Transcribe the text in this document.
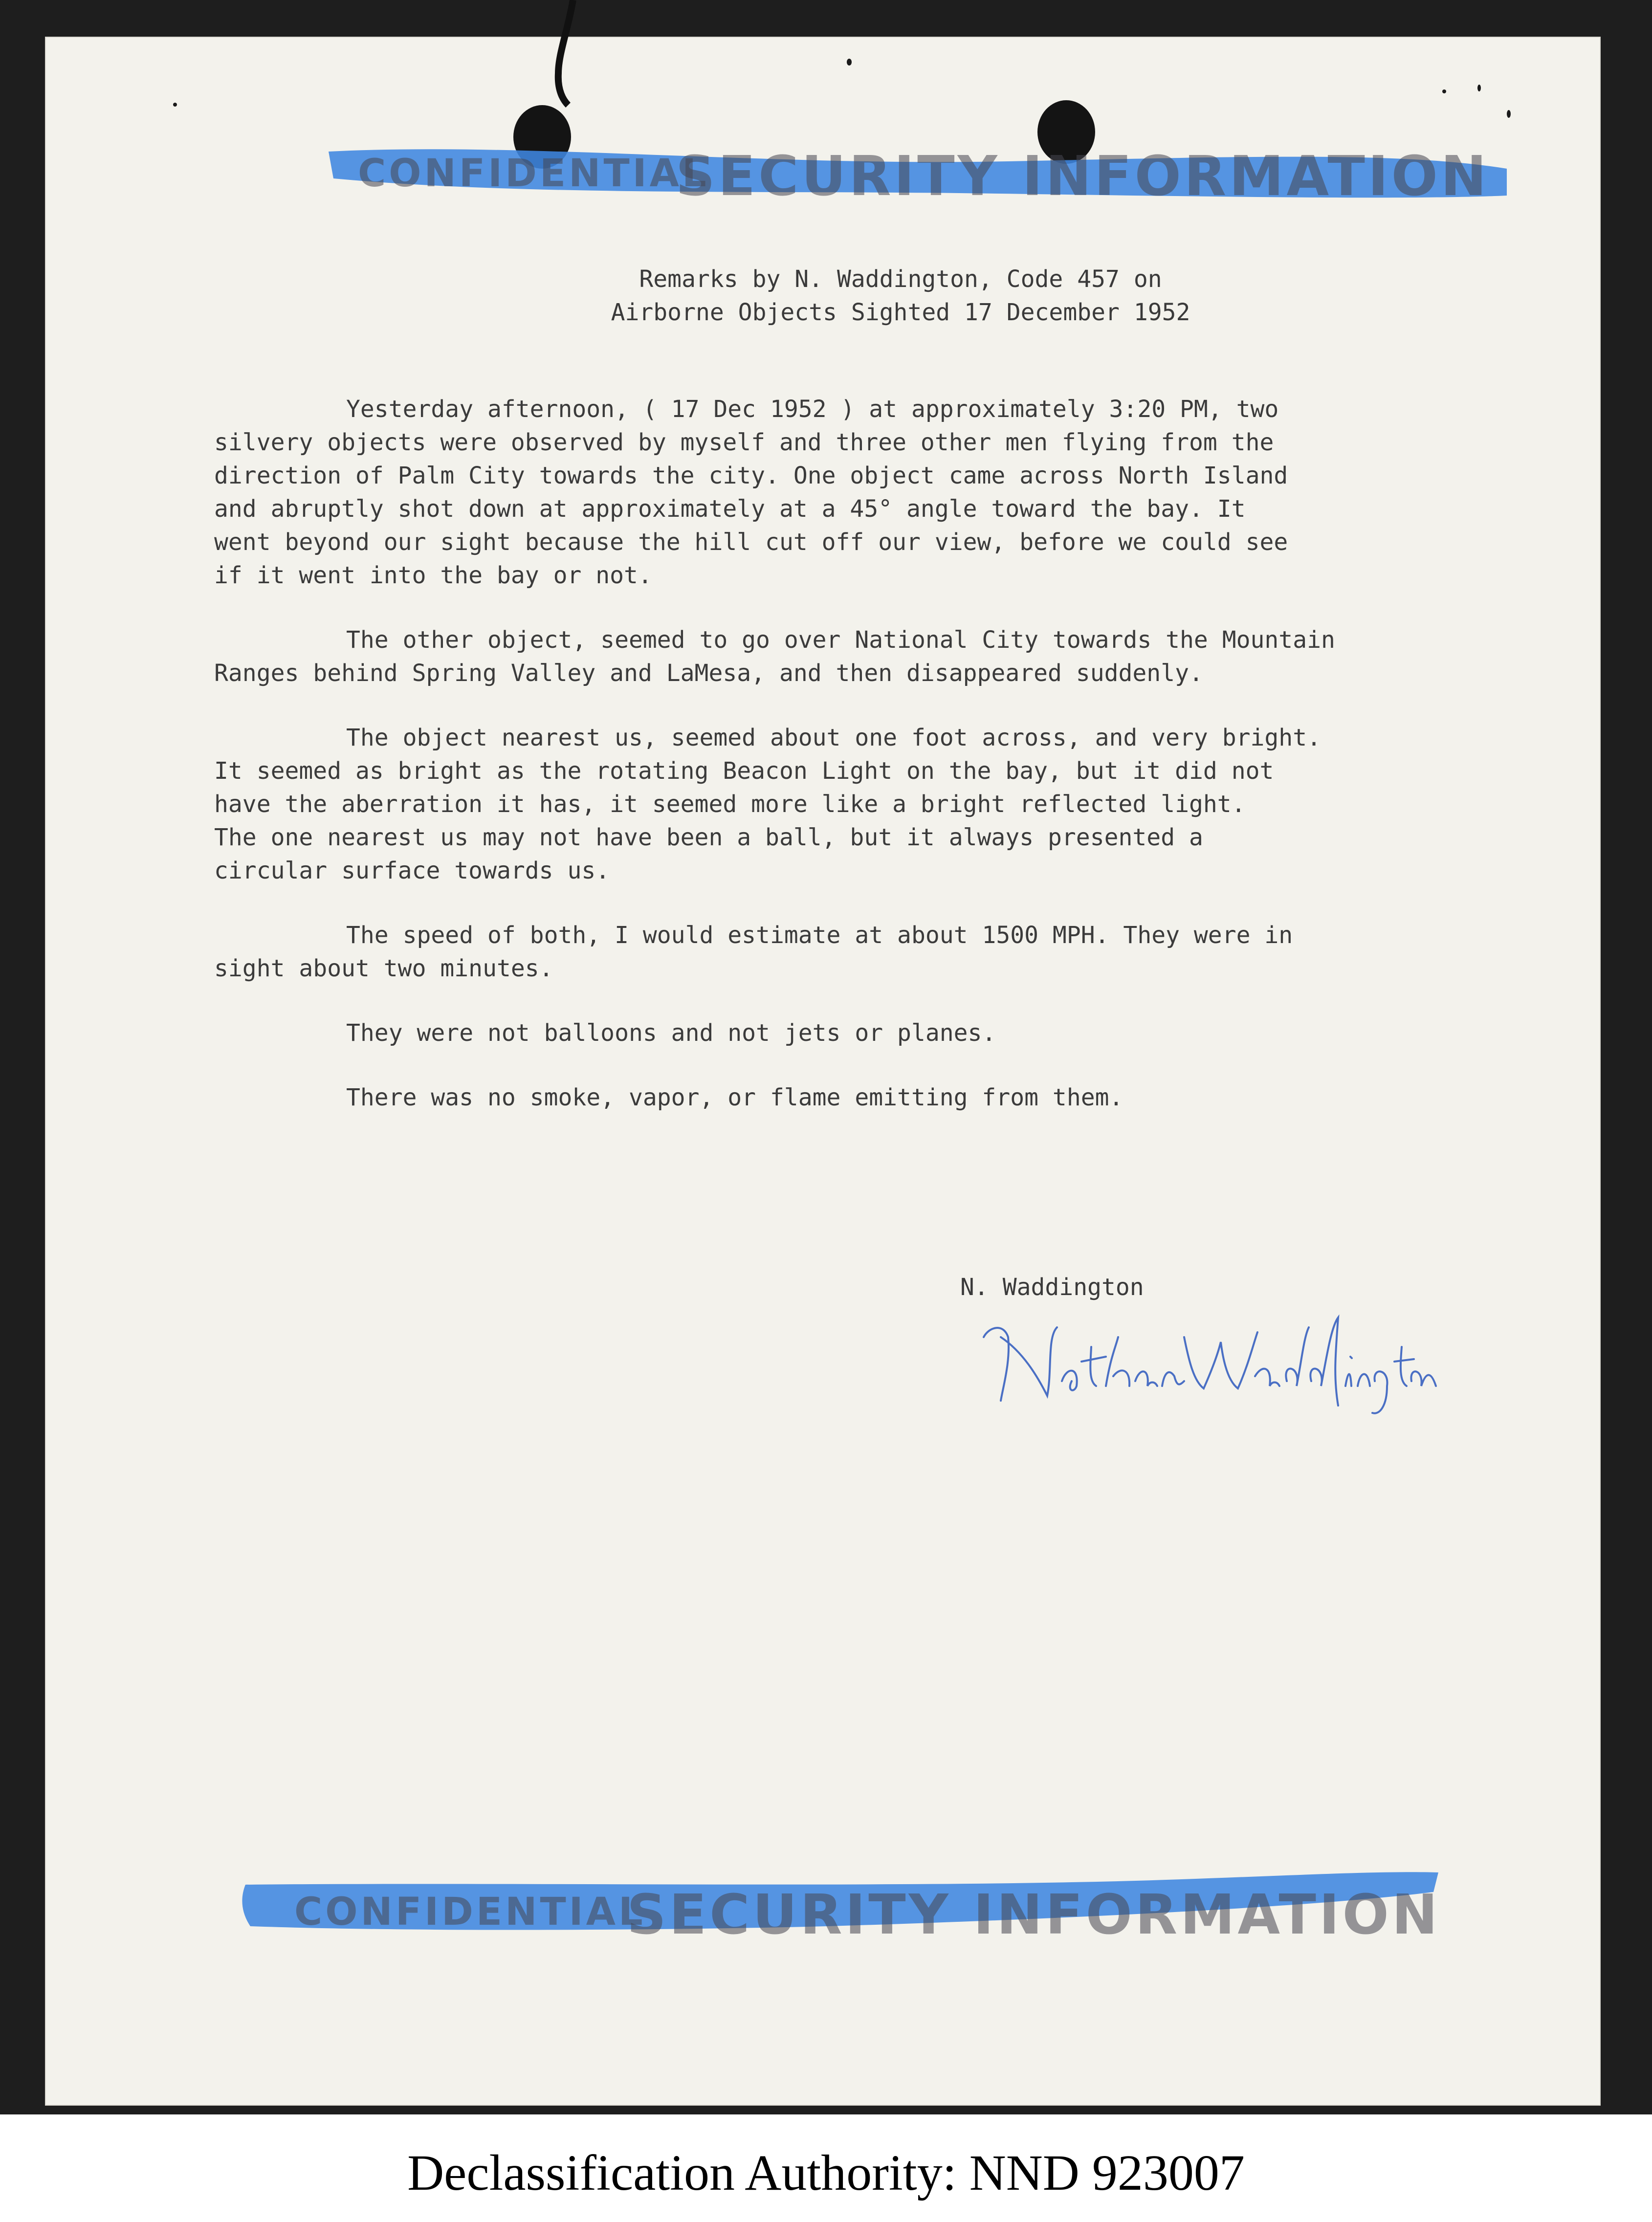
CONFIDENTIAL
SECURITY INFORMATION
Remarks by N. Waddington, Code 457 on
Airborne Objects Sighted 17 December 1952

Yesterday afternoon, ( 17 Dec 1952 ) at approximately 3:20 PM, two
silvery objects were observed by myself and three other men flying from the
direction of Palm City towards the city. One object came across North Island
and abruptly shot down at approximately at a 45° angle toward the bay. It
went beyond our sight because the hill cut off our view, before we could see
if it went into the bay or not.

The other object, seemed to go over National City towards the Mountain
Ranges behind Spring Valley and LaMesa, and then disappeared suddenly.

The object nearest us, seemed about one foot across, and very bright.
It seemed as bright as the rotating Beacon Light on the bay, but it did not
have the aberration it has, it seemed more like a bright reflected light.
The one nearest us may not have been a ball, but it always presented a
circular surface towards us.

The speed of both, I would estimate at about 1500 MPH. They were in
sight about two minutes.

They were not balloons and not jets or planes.

There was no smoke, vapor, or flame emitting from them.

N. Waddington
CONFIDENTIAL
SECURITY INFORMATION
Declassification Authority: NND 923007
